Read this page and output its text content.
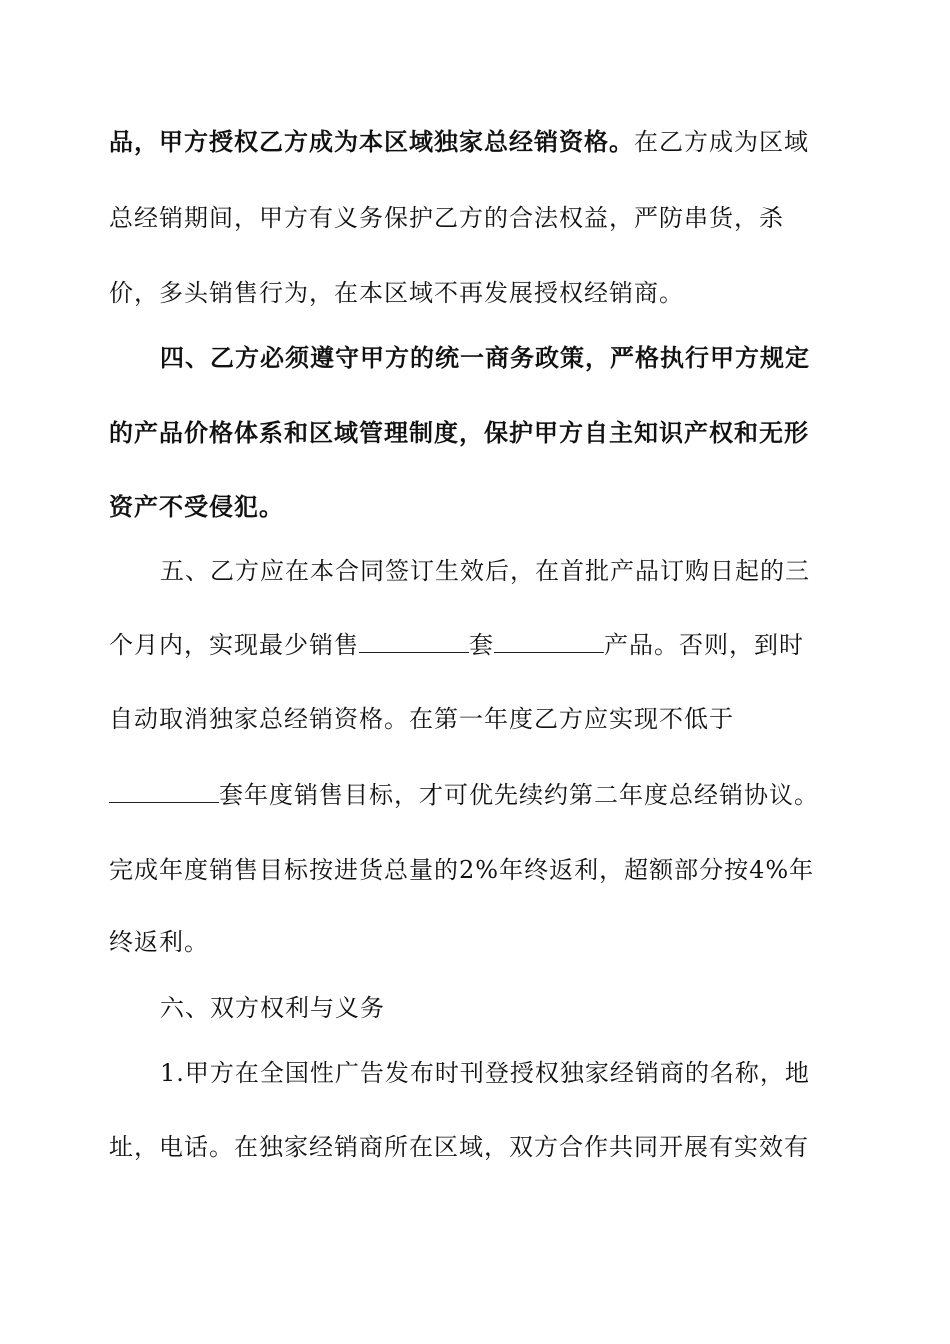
品，甲方授权乙方成为本区域独家总经销资格。在乙方成为区域
总经销期间，甲方有义务保护乙方的合法权益，严防串货，杀
价，多头销售行为，在本区域不再发展授权经销商。
四、乙方必须遵守甲方的统一商务政策，严格执行甲方规定
的产品价格体系和区域管理制度，保护甲方自主知识产权和无形
资产不受侵犯。
五、乙方应在本合同签订生效后，在首批产品订购日起的三
个月内，实现最少销售	套	产品。否则，到时
自动取消独家总经销资格。在第一年度乙方应实现不低于
套年度销售目标，才可优先续约第二年度总经销协议。
完成年度销售目标按进货总量的2%年终返利，超额部分按4%年
终返利。
六、双方权利与义务
1.甲方在全国性广告发布时刊登授权独家经销商的名称，地
址，电话。在独家经销商所在区域，双方合作共同开展有实效有
